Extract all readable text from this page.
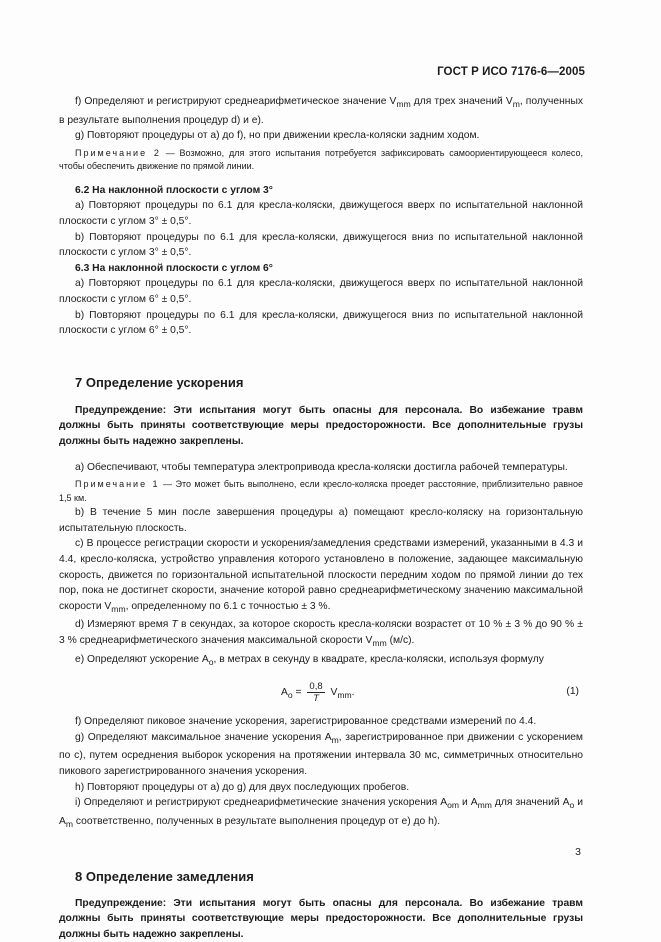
ГОСТ Р ИСО 7176-6—2005

f) Определяют и регистрируют среднеарифметическое значение $V_{mm}$ для трех значений $V_m$, полученных в результате выполнения процедур d) и e).

g) Повторяют процедуры от a) до f), но при движении кресла-коляски задним ходом.

Примечание 2 — Возможно, для этого испытания потребуется зафиксировать самоориентирующееся колесо, чтобы обеспечить движение по прямой линии.

6.2 На наклонной плоскости с углом 3°

a) Повторяют процедуры по 6.1 для кресла-коляски, движущегося вверх по испытательной наклонной плоскости с углом 3° ± 0,5°.

b) Повторяют процедуры по 6.1 для кресла-коляски, движущегося вниз по испытательной наклонной плоскости с углом 3° ± 0,5°.

6.3 На наклонной плоскости с углом 6°

a) Повторяют процедуры по 6.1 для кресла-коляски, движущегося вверх по испытательной наклонной плоскости с углом 6° ± 0,5°.

b) Повторяют процедуры по 6.1 для кресла-коляски, движущегося вниз по испытательной наклонной плоскости с углом 6° ± 0,5°.

7 Определение ускорения

Предупреждение: Эти испытания могут быть опасны для персонала. Во избежание травм должны быть приняты соответствующие меры предосторожности. Все дополнительные грузы должны быть надежно закреплены.

a) Обеспечивают, чтобы температура электропривода кресла-коляски достигла рабочей температуры.

Примечание 1 — Это может быть выполнено, если кресло-коляска проедет расстояние, приблизительно равное 1,5 км.

b) В течение 5 мин после завершения процедуры a) помещают кресло-коляску на горизонтальную испытательную плоскость.

c) В процессе регистрации скорости и ускорения/замедления средствами измерений, указанными в 4.3 и 4.4, кресло-коляска, устройство управления которого установлено в положение, задающее максимальную скорость, движется по горизонтальной испытательной плоскости передним ходом по прямой линии до тех пор, пока не достигнет скорости, значение которой равно среднеарифметическому значению максимальной скорости $V_{mm}$, определенному по 6.1 с точностью ± 3 %.

d) Измеряют время T в секундах, за которое скорость кресла-коляски возрастет от 10 % ± 3 % до 90 % ± 3 % среднеарифметического значения максимальной скорости $V_{mm}$ (м/с).

e) Определяют ускорение $A_o$, в метрах в секунду в квадрате, кресла-коляски, используя формулу

$A_o = \frac{0,8}{T} V_{mm}$.	(1)

f) Определяют пиковое значение ускорения, зарегистрированное средствами измерений по 4.4.

g) Определяют максимальное значение ускорения $A_m$, зарегистрированное при движении с ускорением по с), путем осреднения выборок ускорения на протяжении интервала 30 мс, симметричных относительно пикового зарегистрированного значения ускорения.

h) Повторяют процедуры от a) до g) для двух последующих пробегов.

i) Определяют и регистрируют среднеарифметические значения ускорения $A_{om}$ и $A_{mm}$ для значений $A_o$ и $A_m$ соответственно, полученных в результате выполнения процедур от e) до h).

8 Определение замедления

Предупреждение: Эти испытания могут быть опасны для персонала. Во избежание травм должны быть приняты соответствующие меры предосторожности. Все дополнительные грузы должны быть надежно закреплены.

3
